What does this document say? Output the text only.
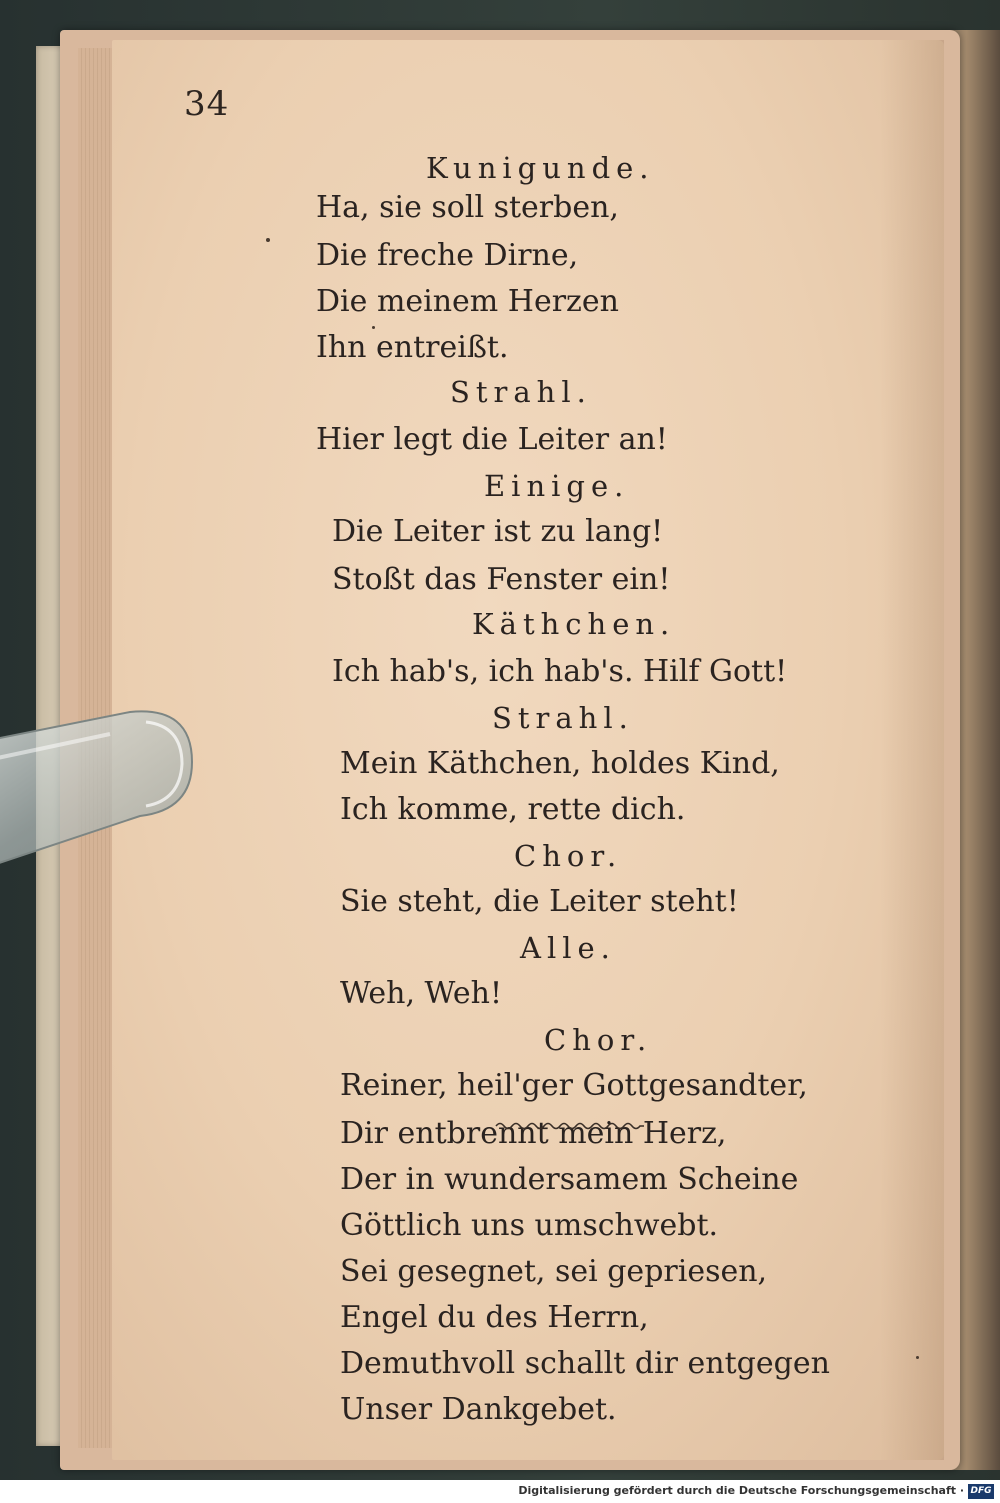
34
Kunigunde.
Ha, sie soll sterben,
Die freche Dirne,
Die meinem Herzen
Ihn entreißt.
Strahl.
Hier legt die Leiter an!
Einige.
Die Leiter ist zu lang!
Stoßt das Fenster ein!
Käthchen.
Ich hab's, ich hab's. Hilf Gott!
Strahl.
Mein Käthchen, holdes Kind,
Ich komme, rette dich.
Chor.
Sie steht, die Leiter steht!
Alle.
Weh, Weh!
Chor.
Reiner, heil'ger Gottgesandter,
Dir entbrennt mein Herz,
Der in wundersamem Scheine
Göttlich uns umschwebt.
Sei gesegnet, sei gepriesen,
Engel du des Herrn,
Demuthvoll schallt dir entgegen
Unser Dankgebet.
Digitalisierung gefördert durch die Deutsche Forschungsgemeinschaft · DFG
